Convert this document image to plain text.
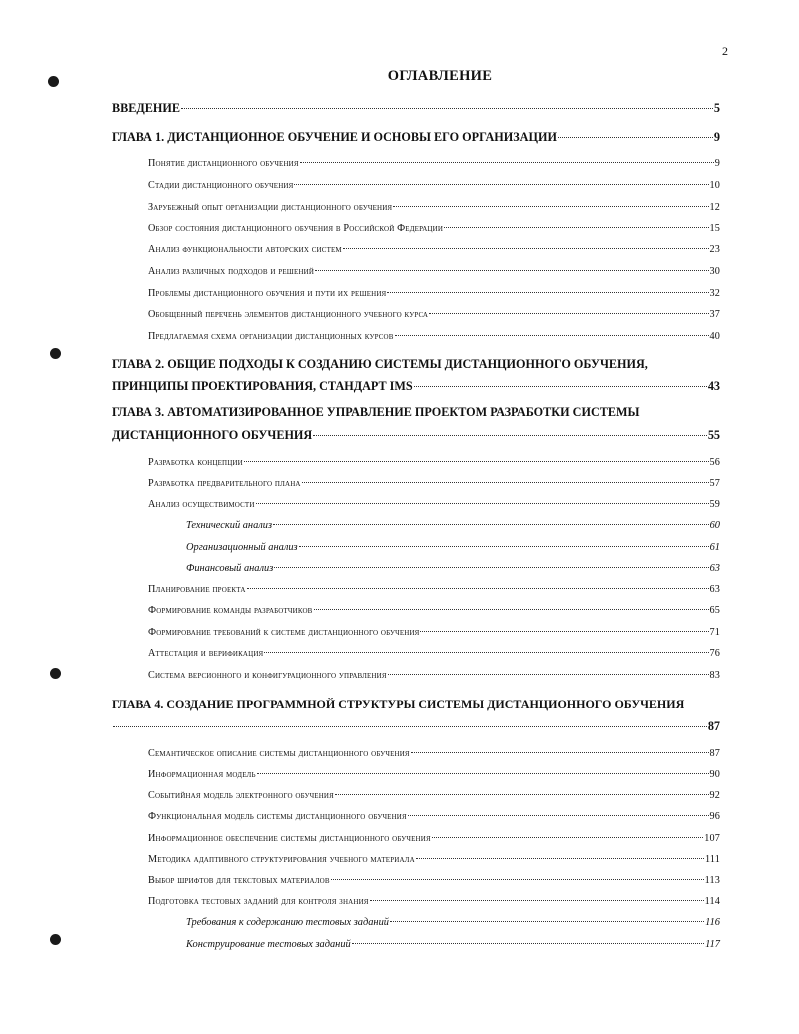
2
ОГЛАВЛЕНИЕ
ВВЕДЕНИЕ	5
ГЛАВА 1. ДИСТАНЦИОННОЕ ОБУЧЕНИЕ И ОСНОВЫ ЕГО ОРГАНИЗАЦИИ	9
Понятие дистанционного обучения	9
Стадии дистанционного обучения	10
Зарубежный опыт организации дистанционного обучения	12
Обзор состояния дистанционного обучения в Российской Федерации	15
Анализ функциональности авторских систем	23
Анализ различных подходов и решений	30
Проблемы дистанционного обучения и пути их решения	32
Обобщенный перечень элементов дистанционного учебного курса	37
Предлагаемая схема организации дистанционных курсов	40
ГЛАВА 2. ОБЩИЕ ПОДХОДЫ К СОЗДАНИЮ СИСТЕМЫ ДИСТАНЦИОННОГО ОБУЧЕНИЯ,
ПРИНЦИПЫ ПРОЕКТИРОВАНИЯ, СТАНДАРТ IMS	43
ГЛАВА 3. АВТОМАТИЗИРОВАННОЕ УПРАВЛЕНИЕ ПРОЕКТОМ РАЗРАБОТКИ СИСТЕМЫ
ДИСТАНЦИОННОГО ОБУЧЕНИЯ	55
Разработка концепции	56
Разработка предварительного плана	57
Анализ осуществимости	59
Технический анализ	60
Организационный анализ	61
Финансовый анализ	63
Планирование проекта	63
Формирование команды разработчиков	65
Формирование требований к системе дистанционного обучения	71
Аттестация и верификация	76
Система версионного и конфигурационного управления	83
ГЛАВА 4. СОЗДАНИЕ ПРОГРАММНОЙ СТРУКТУРЫ СИСТЕМЫ ДИСТАНЦИОННОГО ОБУЧЕНИЯ
87
Семантическое описание системы дистанционного обучения	87
Информационная модель	90
Событийная модель электронного обучения	92
Функциональная модель системы дистанционного обучения	96
Информационное обеспечение системы дистанционного обучения	107
Методика адаптивного структурирования учебного материала	111
Выбор шрифтов для текстовых материалов	113
Подготовка тестовых заданий для контроля знания	114
Требования к содержанию тестовых заданий	116
Конструирование тестовых заданий	117
